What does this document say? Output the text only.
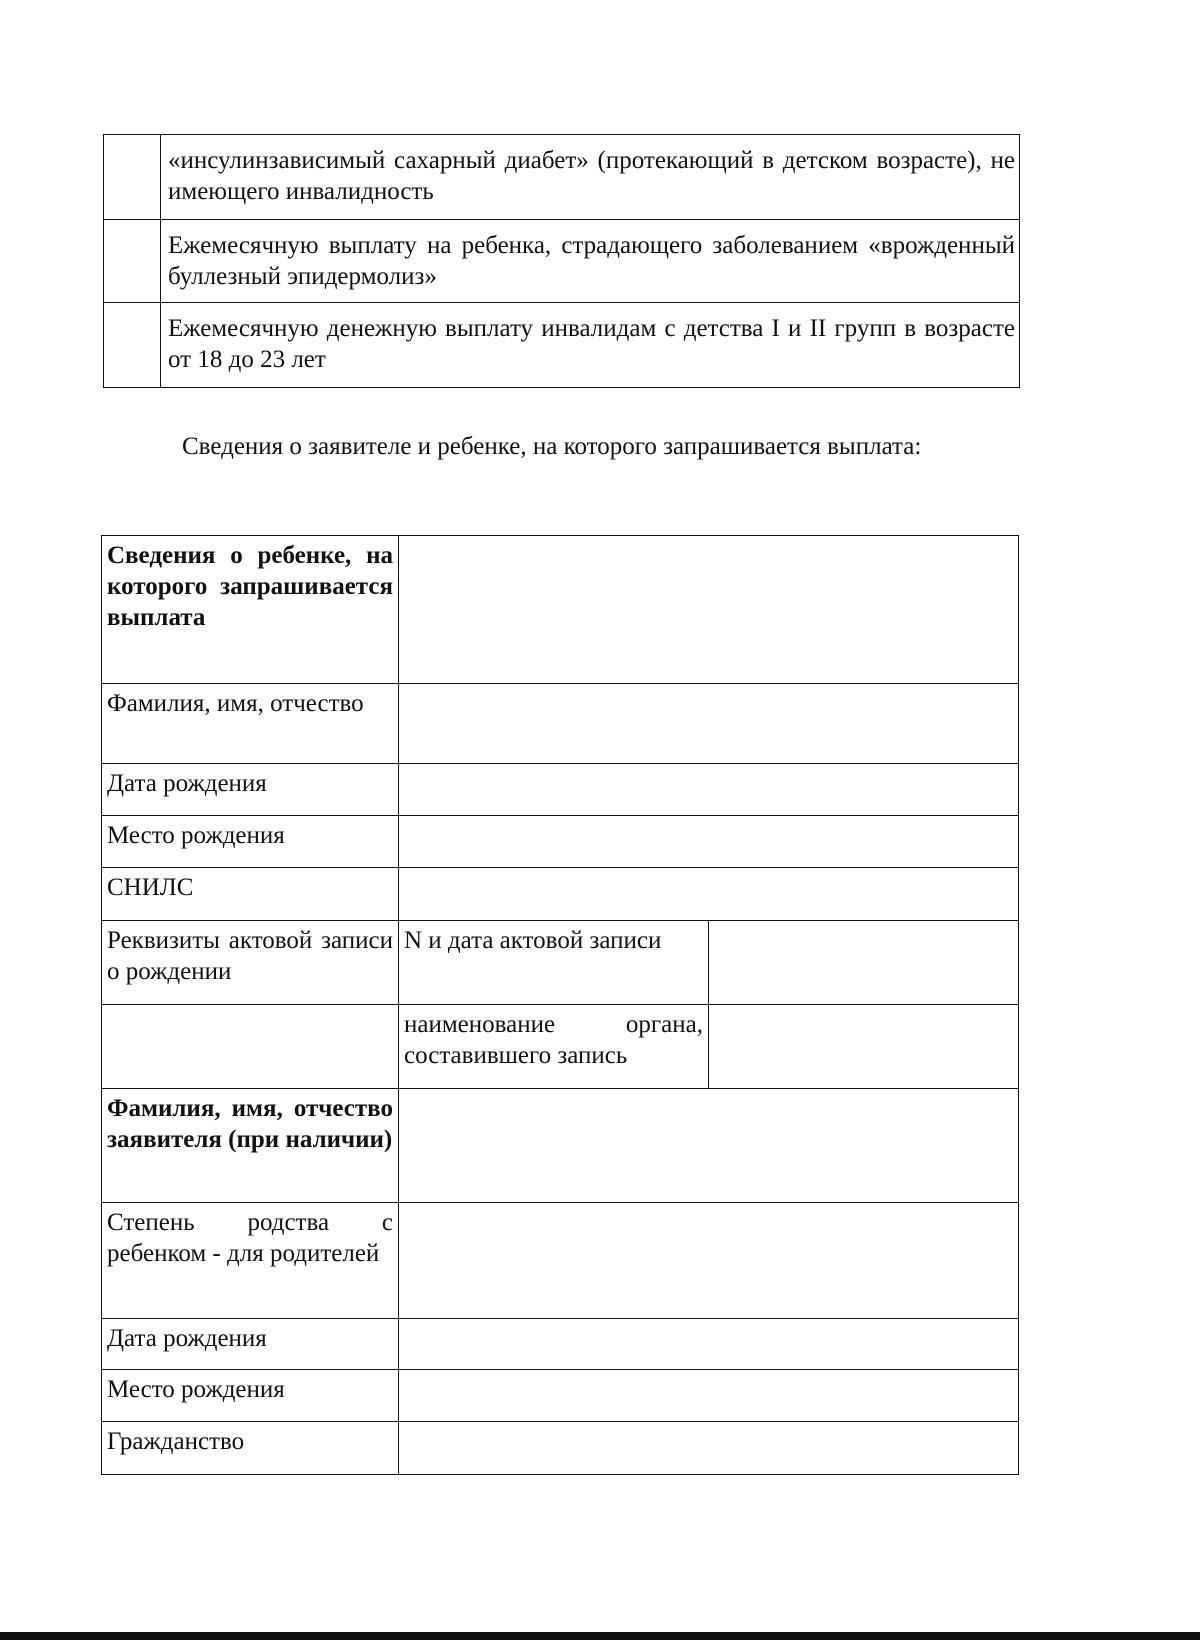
	«инсулинзависимый сахарный диабет» (протекающий в детском возрасте), не имеющего инвалидность
	Ежемесячную выплату на ребенка, страдающего заболеванием «врожденный буллезный эпидермолиз»
	Ежемесячную денежную выплату инвалидам с детства I и II групп в возрасте от 18 до 23 лет

Сведения о заявителе и ребенке, на которого запрашивается выплата:

Сведения о ребенке, на которого запрашивается выплата		
Фамилия, имя, отчество		
Дата рождения		
Место рождения		
СНИЛС		
Реквизиты актовой записи о рождении	N и дата актовой записи	
	наименование органа, составившего запись	
Фамилия, имя, отчество заявителя (при наличии)		
Степень родства с ребенком - для родителей		
Дата рождения		
Место рождения		
Гражданство		
